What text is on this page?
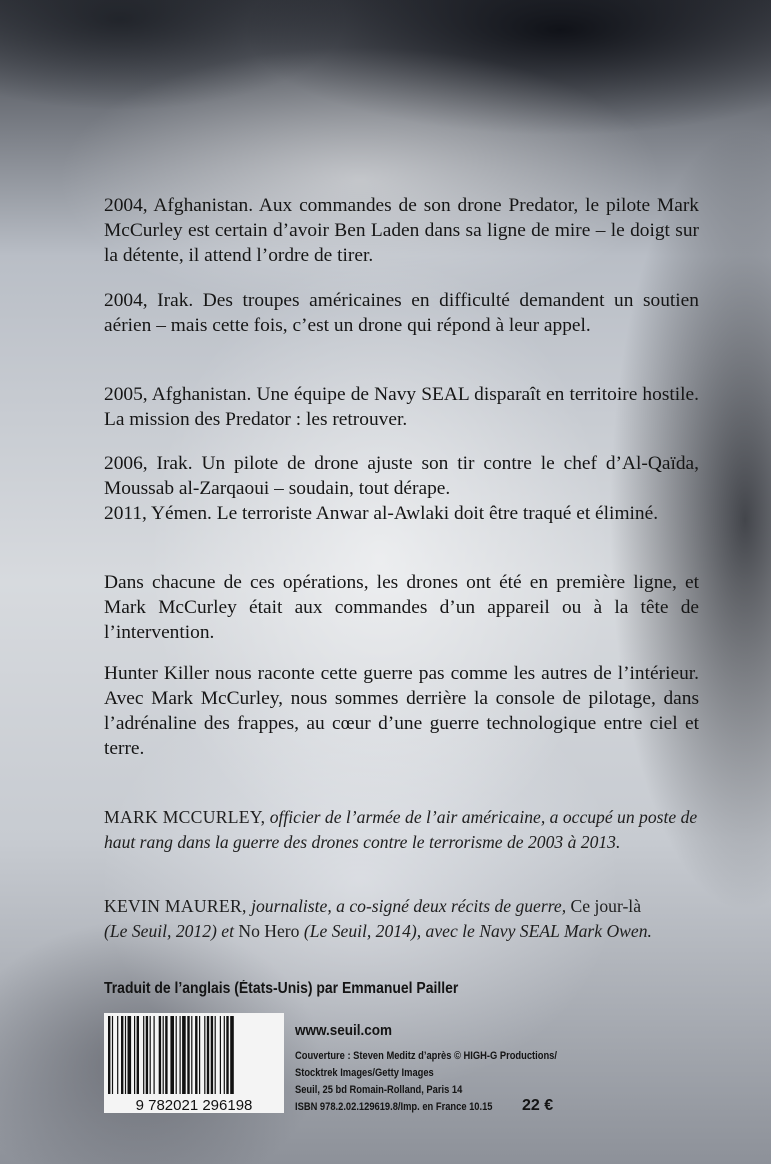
2004, Afghanistan. Aux commandes de son drone Predator, le pilote Mark McCurley est certain d’avoir Ben Laden dans sa ligne de mire – le doigt sur la détente, il attend l’ordre de tirer.

2004, Irak. Des troupes américaines en difficulté demandent un soutien aérien – mais cette fois, c’est un drone qui répond à leur appel.

2005, Afghanistan. Une équipe de Navy SEAL disparaît en territoire hostile. La mission des Predator : les retrouver.

2006, Irak. Un pilote de drone ajuste son tir contre le chef d’Al-Qaïda, Moussab al-Zarqaoui – soudain, tout dérape.

2011, Yémen. Le terroriste Anwar al-Awlaki doit être traqué et éliminé.

Dans chacune de ces opérations, les drones ont été en première ligne, et Mark McCurley était aux commandes d’un appareil ou à la tête de l’intervention.

Hunter Killer nous raconte cette guerre pas comme les autres de l’intérieur. Avec Mark McCurley, nous sommes derrière la console de pilotage, dans l’adrénaline des frappes, au cœur d’une guerre technologique entre ciel et terre.

MARK MCCURLEY, officier de l’armée de l’air américaine, a occupé un poste de haut rang dans la guerre des drones contre le terrorisme de 2003 à 2013.

KEVIN MAURER, journaliste, a co-signé deux récits de guerre, Ce jour-là
(Le Seuil, 2012) et No Hero (Le Seuil, 2014), avec le Navy SEAL Mark Owen.

Traduit de l’anglais (États-Unis) par Emmanuel Pailler
www.seuil.com
9 782021 296198
Couverture : Steven Meditz d’après © HIGH-G Productions/
Stocktrek Images/Getty Images
Seuil, 25 bd Romain-Rolland, Paris 14
ISBN 978.2.02.129619.8/Imp. en France 10.15	22 €
